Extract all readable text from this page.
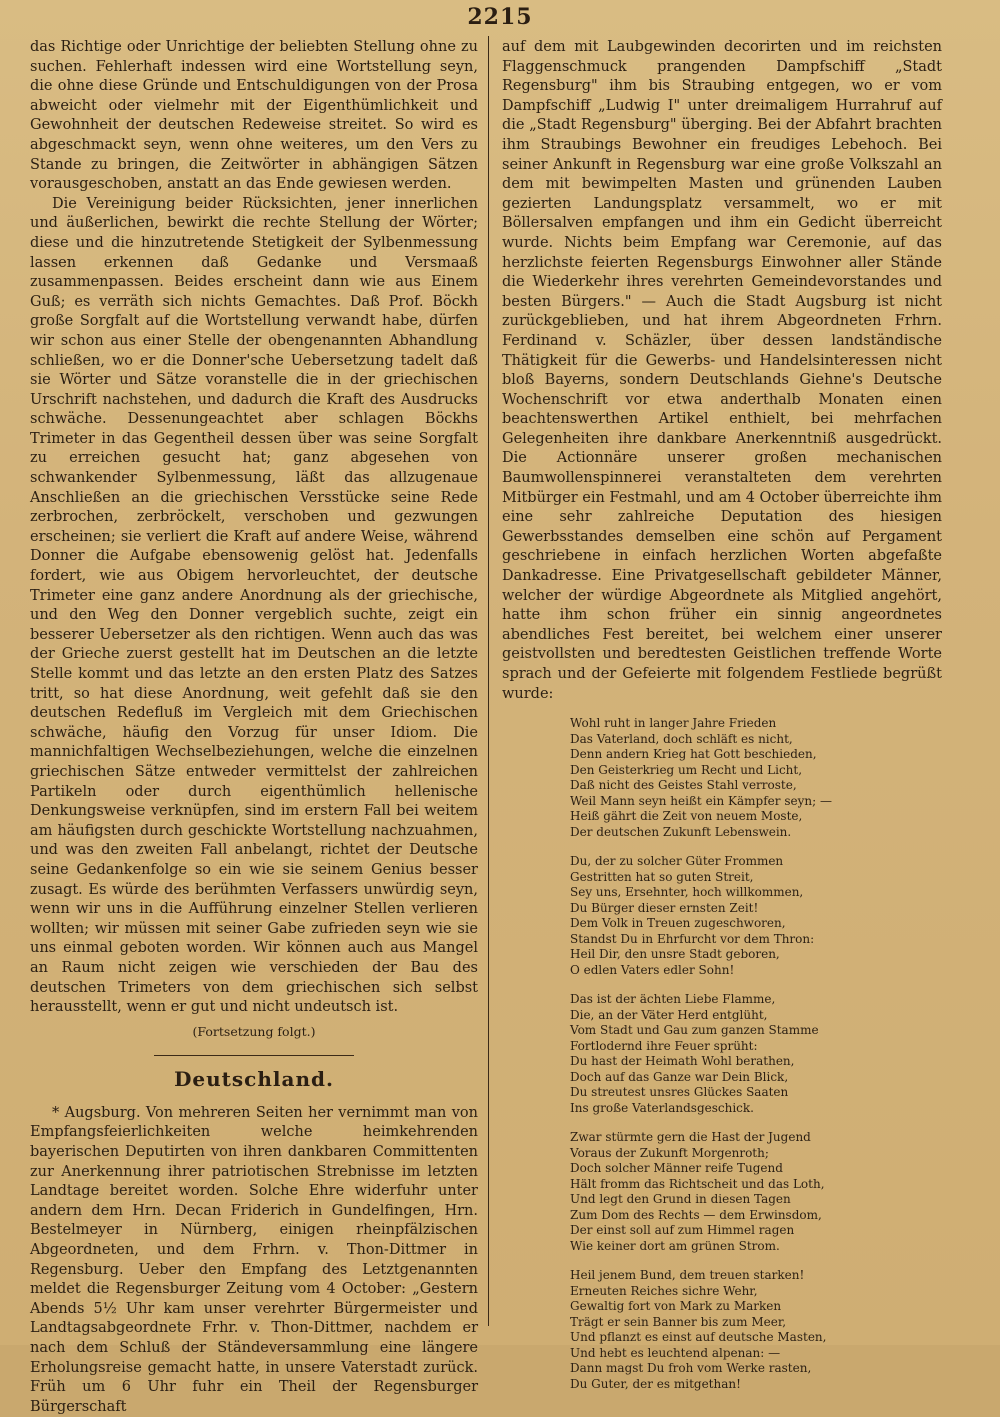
2215

das Richtige oder Unrichtige der beliebten Stellung ohne zu suchen. Fehlerhaft indessen wird eine Wortstellung seyn, die ohne diese Gründe und Entschuldigungen von der Prosa abweicht oder vielmehr mit der Eigenthümlichkeit und Gewohnheit der deutschen Redeweise streitet. So wird es abgeschmackt seyn, wenn ohne weiteres, um den Vers zu Stande zu bringen, die Zeitwörter in abhängigen Sätzen vorausgeschoben, anstatt an das Ende gewiesen werden.

Die Vereinigung beider Rücksichten, jener innerlichen und äußerlichen, bewirkt die rechte Stellung der Wörter; diese und die hinzutretende Stetigkeit der Sylbenmessung lassen erkennen daß Gedanke und Versmaaß zusammenpassen. Beides erscheint dann wie aus Einem Guß; es verräth sich nichts Gemachtes. Daß Prof. Böckh große Sorgfalt auf die Wortstellung verwandt habe, dürfen wir schon aus einer Stelle der obengenannten Abhandlung schließen, wo er die Donner'sche Uebersetzung tadelt daß sie Wörter und Sätze voranstelle die in der griechischen Urschrift nachstehen, und dadurch die Kraft des Ausdrucks schwäche. Dessenungeachtet aber schlagen Böckhs Trimeter in das Gegentheil dessen über was seine Sorgfalt zu erreichen gesucht hat; ganz abgesehen von schwankender Sylbenmessung, läßt das allzugenaue Anschließen an die griechischen Versstücke seine Rede zerbrochen, zerbröckelt, verschoben und gezwungen erscheinen; sie verliert die Kraft auf andere Weise, während Donner die Aufgabe ebensowenig gelöst hat. Jedenfalls fordert, wie aus Obigem hervorleuchtet, der deutsche Trimeter eine ganz andere Anordnung als der griechische, und den Weg den Donner vergeblich suchte, zeigt ein besserer Uebersetzer als den richtigen. Wenn auch das was der Grieche zuerst gestellt hat im Deutschen an die letzte Stelle kommt und das letzte an den ersten Platz des Satzes tritt, so hat diese Anordnung, weit gefehlt daß sie den deutschen Redefluß im Vergleich mit dem Griechischen schwäche, häufig den Vorzug für unser Idiom. Die mannichfaltigen Wechselbeziehungen, welche die einzelnen griechischen Sätze entweder vermittelst der zahlreichen Partikeln oder durch eigenthümlich hellenische Denkungsweise verknüpfen, sind im erstern Fall bei weitem am häufigsten durch geschickte Wortstellung nachzuahmen, und was den zweiten Fall anbelangt, richtet der Deutsche seine Gedankenfolge so ein wie sie seinem Genius besser zusagt. Es würde des berühmten Verfassers unwürdig seyn, wenn wir uns in die Aufführung einzelner Stellen verlieren wollten; wir müssen mit seiner Gabe zufrieden seyn wie sie uns einmal geboten worden. Wir können auch aus Mangel an Raum nicht zeigen wie verschieden der Bau des deutschen Trimeters von dem griechischen sich selbst herausstellt, wenn er gut und nicht undeutsch ist.

(Fortsetzung folgt.)
Deutschland.

* Augsburg. Von mehreren Seiten her vernimmt man von Empfangsfeierlichkeiten welche heimkehrenden bayerischen Deputirten von ihren dankbaren Committenten zur Anerkennung ihrer patriotischen Strebnisse im letzten Landtage bereitet worden. Solche Ehre widerfuhr unter andern dem Hrn. Decan Friderich in Gundelfingen, Hrn. Bestelmeyer in Nürnberg, einigen rheinpfälzischen Abgeordneten, und dem Frhrn. v. Thon-Dittmer in Regensburg. Ueber den Empfang des Letztgenannten meldet die Regensburger Zeitung vom 4 October: „Gestern Abends 5½ Uhr kam unser verehrter Bürgermeister und Landtagsabgeordnete Frhr. v. Thon-Dittmer, nachdem er nach dem Schluß der Ständeversammlung eine längere Erholungsreise gemacht hatte, in unsere Vaterstadt zurück. Früh um 6 Uhr fuhr ein Theil der Regensburger Bürgerschaft

auf dem mit Laubgewinden decorirten und im reichsten Flaggenschmuck prangenden Dampfschiff „Stadt Regensburg" ihm bis Straubing entgegen, wo er vom Dampfschiff „Ludwig I" unter dreimaligem Hurrahruf auf die „Stadt Regensburg" überging. Bei der Abfahrt brachten ihm Straubings Bewohner ein freudiges Lebehoch. Bei seiner Ankunft in Regensburg war eine große Volkszahl an dem mit bewimpelten Masten und grünenden Lauben gezierten Landungsplatz versammelt, wo er mit Böllersalven empfangen und ihm ein Gedicht überreicht wurde. Nichts beim Empfang war Ceremonie, auf das herzlichste feierten Regensburgs Einwohner aller Stände die Wiederkehr ihres verehrten Gemeindevorstandes und besten Bürgers." — Auch die Stadt Augsburg ist nicht zurückgeblieben, und hat ihrem Abgeordneten Frhrn. Ferdinand v. Schäzler, über dessen landständische Thätigkeit für die Gewerbs- und Handelsinteressen nicht bloß Bayerns, sondern Deutschlands Giehne's Deutsche Wochenschrift vor etwa anderthalb Monaten einen beachtenswerthen Artikel enthielt, bei mehrfachen Gelegenheiten ihre dankbare Anerkenntniß ausgedrückt. Die Actionnäre unserer großen mechanischen Baumwollenspinnerei veranstalteten dem verehrten Mitbürger ein Festmahl, und am 4 October überreichte ihm eine sehr zahlreiche Deputation des hiesigen Gewerbsstandes demselben eine schön auf Pergament geschriebene in einfach herzlichen Worten abgefaßte Dankadresse. Eine Privatgesellschaft gebildeter Männer, welcher der würdige Abgeordnete als Mitglied angehört, hatte ihm schon früher ein sinnig angeordnetes abendliches Fest bereitet, bei welchem einer unserer geistvollsten und beredtesten Geistlichen treffende Worte sprach und der Gefeierte mit folgendem Festliede begrüßt wurde:

Wohl ruht in langer Jahre Frieden
Das Vaterland, doch schläft es nicht,
Denn andern Krieg hat Gott beschieden,
Den Geisterkrieg um Recht und Licht,
Daß nicht des Geistes Stahl verroste,
Weil Mann seyn heißt ein Kämpfer seyn; —
Heiß gährt die Zeit von neuem Moste,
Der deutschen Zukunft Lebenswein.
Du, der zu solcher Güter Frommen
Gestritten hat so guten Streit,
Sey uns, Ersehnter, hoch willkommen,
Du Bürger dieser ernsten Zeit!
Dem Volk in Treuen zugeschworen,
Standst Du in Ehrfurcht vor dem Thron:
Heil Dir, den unsre Stadt geboren,
O edlen Vaters edler Sohn!
Das ist der ächten Liebe Flamme,
Die, an der Väter Herd entglüht,
Vom Stadt und Gau zum ganzen Stamme
Fortlodernd ihre Feuer sprüht:
Du hast der Heimath Wohl berathen,
Doch auf das Ganze war Dein Blick,
Du streutest unsres Glückes Saaten
Ins große Vaterlandsgeschick.
Zwar stürmte gern die Hast der Jugend
Voraus der Zukunft Morgenroth;
Doch solcher Männer reife Tugend
Hält fromm das Richtscheit und das Loth,
Und legt den Grund in diesen Tagen
Zum Dom des Rechts — dem Erwinsdom,
Der einst soll auf zum Himmel ragen
Wie keiner dort am grünen Strom.
Heil jenem Bund, dem treuen starken!
Erneuten Reiches sichre Wehr,
Gewaltig fort von Mark zu Marken
Trägt er sein Banner bis zum Meer,
Und pflanzt es einst auf deutsche Masten,
Und hebt es leuchtend alpenan: —
Dann magst Du froh vom Werke rasten,
Du Guter, der es mitgethan!
